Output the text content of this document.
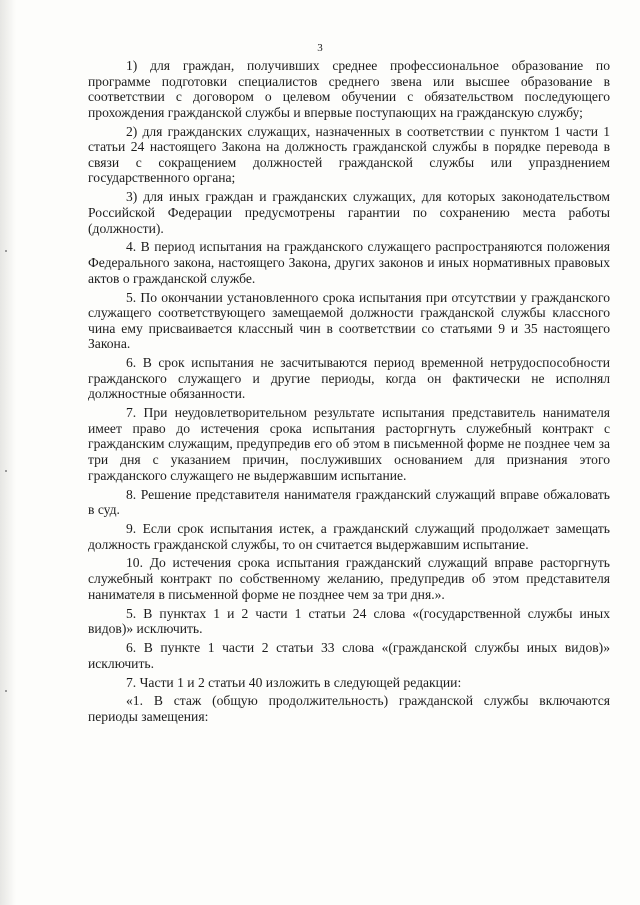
3

1) для граждан, получивших среднее профессиональное образование по программе подготовки специалистов среднего звена или высшее образование в соответствии с договором о целевом обучении с обязательством последующего прохождения гражданской службы и впервые поступающих на гражданскую службу;

2) для гражданских служащих, назначенных в соответствии с пунктом 1 части 1 статьи 24 настоящего Закона на должность гражданской службы в порядке перевода в связи с сокращением должностей гражданской службы или упразднением государственного органа;

3) для иных граждан и гражданских служащих, для которых законодательством Российской Федерации предусмотрены гарантии по сохранению места работы (должности).

4. В период испытания на гражданского служащего распространяются положения Федерального закона, настоящего Закона, других законов и иных нормативных правовых актов о гражданской службе.

5. По окончании установленного срока испытания при отсутствии у гражданского служащего соответствующего замещаемой должности гражданской службы классного чина ему присваивается классный чин в соответствии со статьями 9 и 35 настоящего Закона.

6. В срок испытания не засчитываются период временной нетрудоспособности гражданского служащего и другие периоды, когда он фактически не исполнял должностные обязанности.

7. При неудовлетворительном результате испытания представитель нанимателя имеет право до истечения срока испытания расторгнуть служебный контракт с гражданским служащим, предупредив его об этом в письменной форме не позднее чем за три дня с указанием причин, послуживших основанием для признания этого гражданского служащего не выдержавшим испытание.

8. Решение представителя нанимателя гражданский служащий вправе обжаловать в суд.

9. Если срок испытания истек, а гражданский служащий продолжает замещать должность гражданской службы, то он считается выдержавшим испытание.

10. До истечения срока испытания гражданский служащий вправе расторгнуть служебный контракт по собственному желанию, предупредив об этом представителя нанимателя в письменной форме не позднее чем за три дня.».

5. В пунктах 1 и 2 части 1 статьи 24 слова «(государственной службы иных видов)» исключить.

6. В пункте 1 части 2 статьи 33 слова «(гражданской службы иных видов)» исключить.

7. Части 1 и 2 статьи 40 изложить в следующей редакции:

«1. В стаж (общую продолжительность) гражданской службы включаются периоды замещения:
